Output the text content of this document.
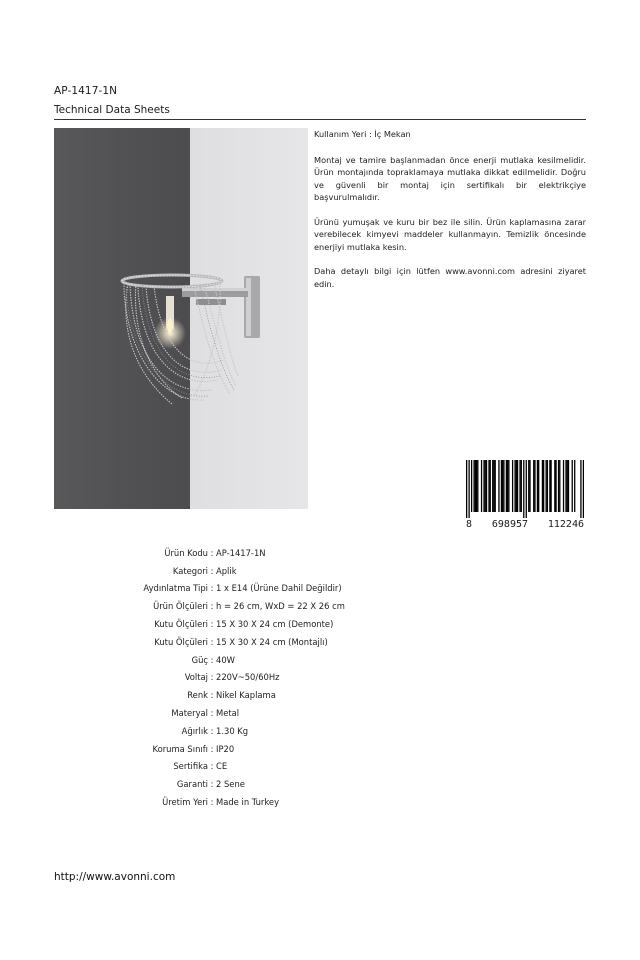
AP-1417-1N
Technical Data Sheets

Kullanım Yeri : İç Mekan

Montaj ve tamire başlanmadan önce enerji mutlaka kesilmelidir. Ürün montajında topraklamaya mutlaka dikkat edilmelidir. Doğru ve güvenli bir montaj için sertifikalı bir elektrikçiye başvurulmalıdır.

Ürünü yumuşak ve kuru bir bez ile silin. Ürün kaplamasına zarar verebilecek kimyevi maddeler kullanmayın. Temizlik öncesinde enerjiyi mutlaka kesin.

Daha detaylı bilgi için lütfen www.avonni.com adresini ziyaret edin.

8 698957 112246
Ürün Kodu : AP-1417-1N
Kategori : Aplik
Aydınlatma Tipi : 1 x E14 (Ürüne Dahil Değildir)
Ürün Ölçüleri : h = 26 cm, WxD = 22 X 26 cm
Kutu Ölçüleri : 15 X 30 X 24 cm (Demonte)
Kutu Ölçüleri : 15 X 30 X 24 cm (Montajlı)
Güç : 40W
Voltaj : 220V~50/60Hz
Renk : Nikel Kaplama
Materyal : Metal
Ağırlık : 1.30 Kg
Koruma Sınıfı : IP20
Sertifika : CE
Garanti : 2 Sene
Üretim Yeri : Made in Turkey
http://www.avonni.com
